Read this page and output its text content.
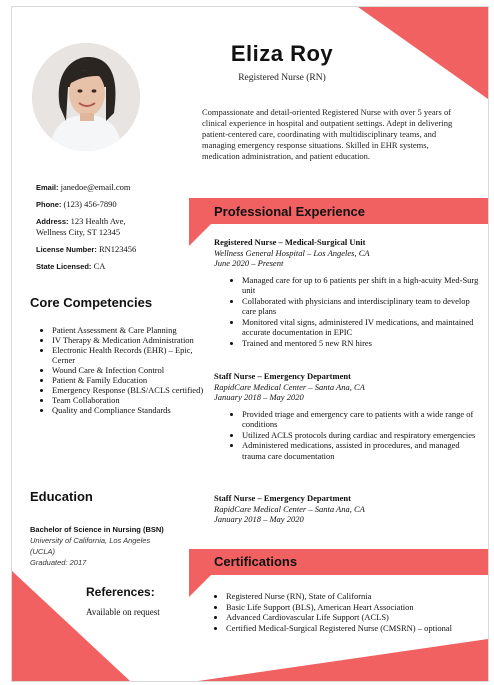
Eliza Roy
Registered Nurse (RN)
Compassionate and detail-oriented Registered Nurse with over 5 years of clinical experience in hospital and outpatient settings. Adept in delivering patient-centered care, coordinating with multidisciplinary teams, and managing emergency response situations. Skilled in EHR systems, medication administration, and patient education.
Email: janedoe@email.com
Phone: (123) 456-7890
Address: 123 Health Ave,
Wellness City, ST 12345
License Number: RN123456
State Licensed: CA
Core Competencies
• Patient Assessment & Care Planning
• IV Therapy & Medication Administration
• Electronic Health Records (EHR) – Epic, Cerner
• Wound Care & Infection Control
• Patient & Family Education
• Emergency Response (BLS/ACLS certified)
• Team Collaboration
• Quality and Compliance Standards
Education
Bachelor of Science in Nursing (BSN)
University of California, Los Angeles
(UCLA)
Graduated: 2017
References:
Available on request
Professional Experience
Registered Nurse – Medical-Surgical Unit
Wellness General Hospital – Los Angeles, CA
June 2020 – Present
• Managed care for up to 6 patients per shift in a high-acuity Med-Surg unit
• Collaborated with physicians and interdisciplinary team to develop care plans
• Monitored vital signs, administered IV medications, and maintained accurate documentation in EPIC
• Trained and mentored 5 new RN hires
Staff Nurse – Emergency Department
RapidCare Medical Center – Santa Ana, CA
January 2018 – May 2020
• Provided triage and emergency care to patients with a wide range of conditions
• Utilized ACLS protocols during cardiac and respiratory emergencies
• Administered medications, assisted in procedures, and managed trauma care documentation
Staff Nurse – Emergency Department
RapidCare Medical Center – Santa Ana, CA
January 2018 – May 2020
Certifications
• Registered Nurse (RN), State of California
• Basic Life Support (BLS), American Heart Association
• Advanced Cardiovascular Life Support (ACLS)
• Certified Medical-Surgical Registered Nurse (CMSRN) – optional
